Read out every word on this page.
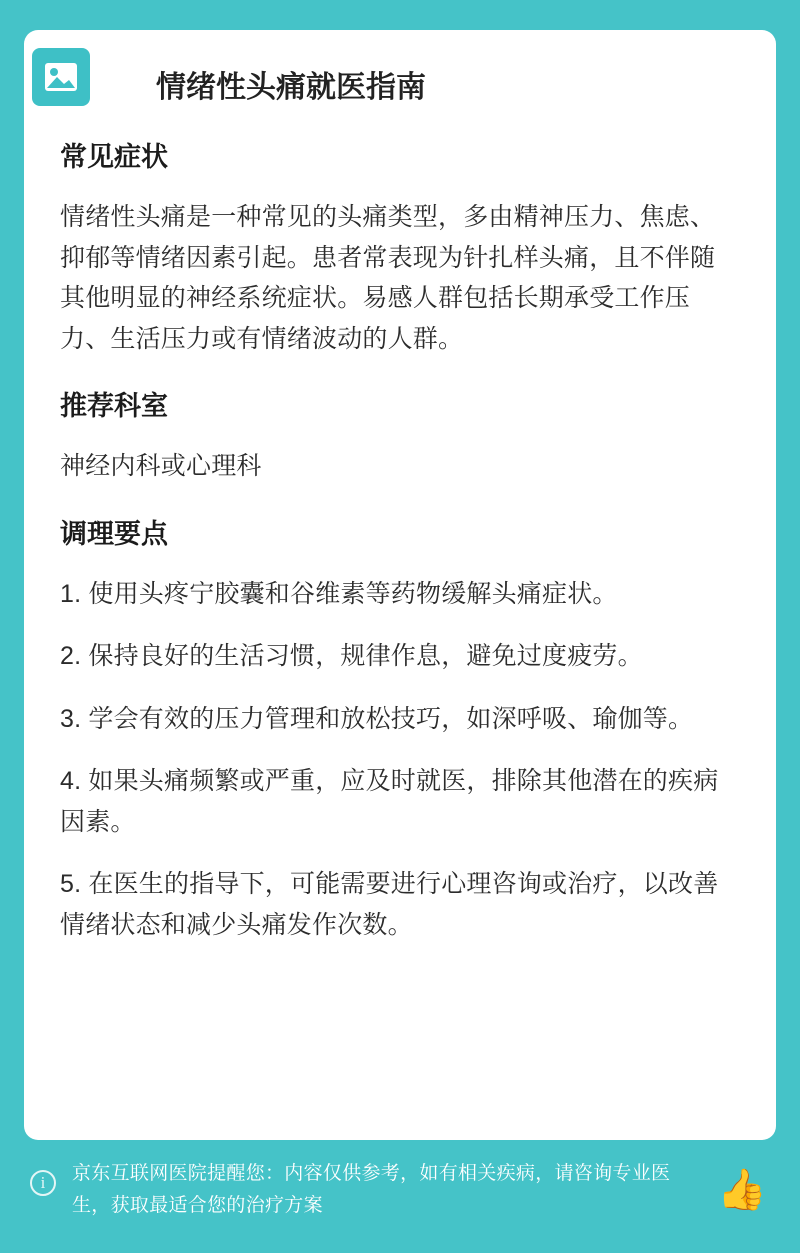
情绪性头痛就医指南
常见症状

情绪性头痛是一种常见的头痛类型，多由精神压力、焦虑、抑郁等情绪因素引起。患者常表现为针扎样头痛，且不伴随其他明显的神经系统症状。易感人群包括长期承受工作压力、生活压力或有情绪波动的人群。

推荐科室

神经内科或心理科

调理要点
1. 使用头疼宁胶囊和谷维素等药物缓解头痛症状。
2. 保持良好的生活习惯，规律作息，避免过度疲劳。
3. 学会有效的压力管理和放松技巧，如深呼吸、瑜伽等。
4. 如果头痛频繁或严重，应及时就医，排除其他潜在的疾病因素。
5. 在医生的指导下，可能需要进行心理咨询或治疗，以改善情绪状态和减少头痛发作次数。
i	京东互联网医院提醒您：内容仅供参考，如有相关疾病，请咨询专业医生，获取最适合您的治疗方案	👍
